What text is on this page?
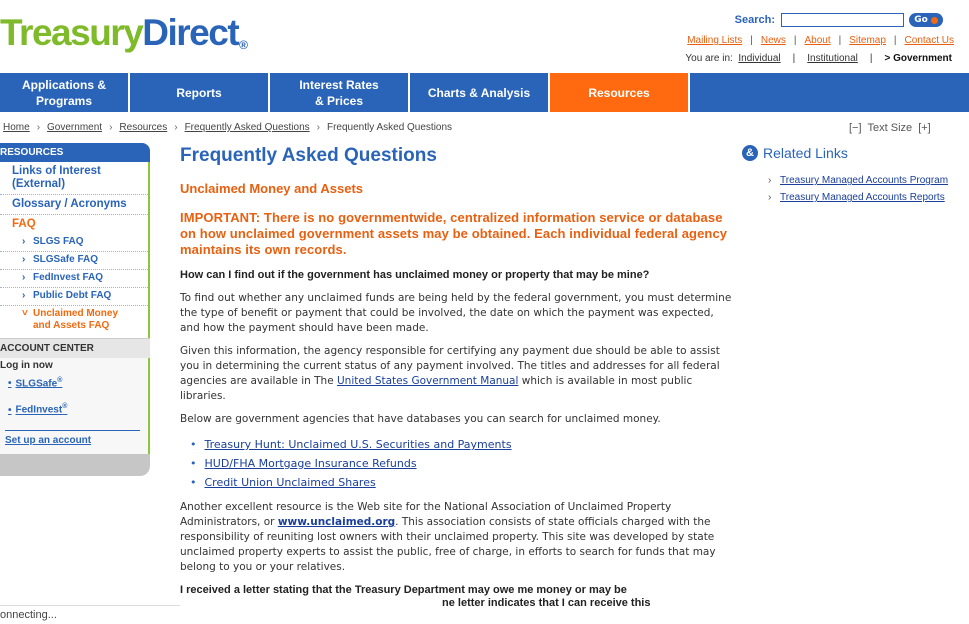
TreasuryDirect®
Search:	Go
Mailing Lists | News | About | Sitemap | Contact Us
You are in: Individual | Institutional | > Government
Applications &
Programs
Reports
Interest Rates
& Prices
Charts & Analysis	Resources
Home › Government › Resources › Frequently Asked Questions › Frequently Asked Questions	[−] Text Size [+]
RESOURCES
Links of Interest (External)
Glossary / Acronyms
FAQ
› SLGS FAQ
› SLGSafe FAQ
› FedInvest FAQ
› Public Debt FAQ
˅ Unclaimed Money and Assets FAQ
ACCOUNT CENTER
Log in now
• SLGSafe®
• FedInvest®
Set up an account
Frequently Asked Questions
Unclaimed Money and Assets
IMPORTANT: There is no governmentwide, centralized information service or database on how unclaimed government assets may be obtained. Each individual federal agency maintains its own records.
How can I find out if the government has unclaimed money or property that may be mine?

To find out whether any unclaimed funds are being held by the federal government, you must determine the type of benefit or payment that could be involved, the date on which the payment was expected, and how the payment should have been made.

Given this information, the agency responsible for certifying any payment due should be able to assist you in determining the current status of any payment involved. The titles and addresses for all federal agencies are available in The United States Government Manual which is available in most public libraries.

Below are government agencies that have databases you can search for unclaimed money.

• Treasury Hunt: Unclaimed U.S. Securities and Payments
• HUD/FHA Mortgage Insurance Refunds
• Credit Union Unclaimed Shares

Another excellent resource is the Web site for the National Association of Unclaimed Property Administrators, or www.unclaimed.org. This association consists of state officials charged with the responsibility of reuniting lost owners with their unclaimed property. This site was developed by state unclaimed property experts to assist the public, free of charge, in efforts to search for funds that may belong to you or your relatives.

I received a letter stating that the Treasury Department may owe me money or may be
ne letter indicates that I can receive this
& Related Links
› Treasury Managed Accounts Program
› Treasury Managed Accounts Reports
onnecting...
